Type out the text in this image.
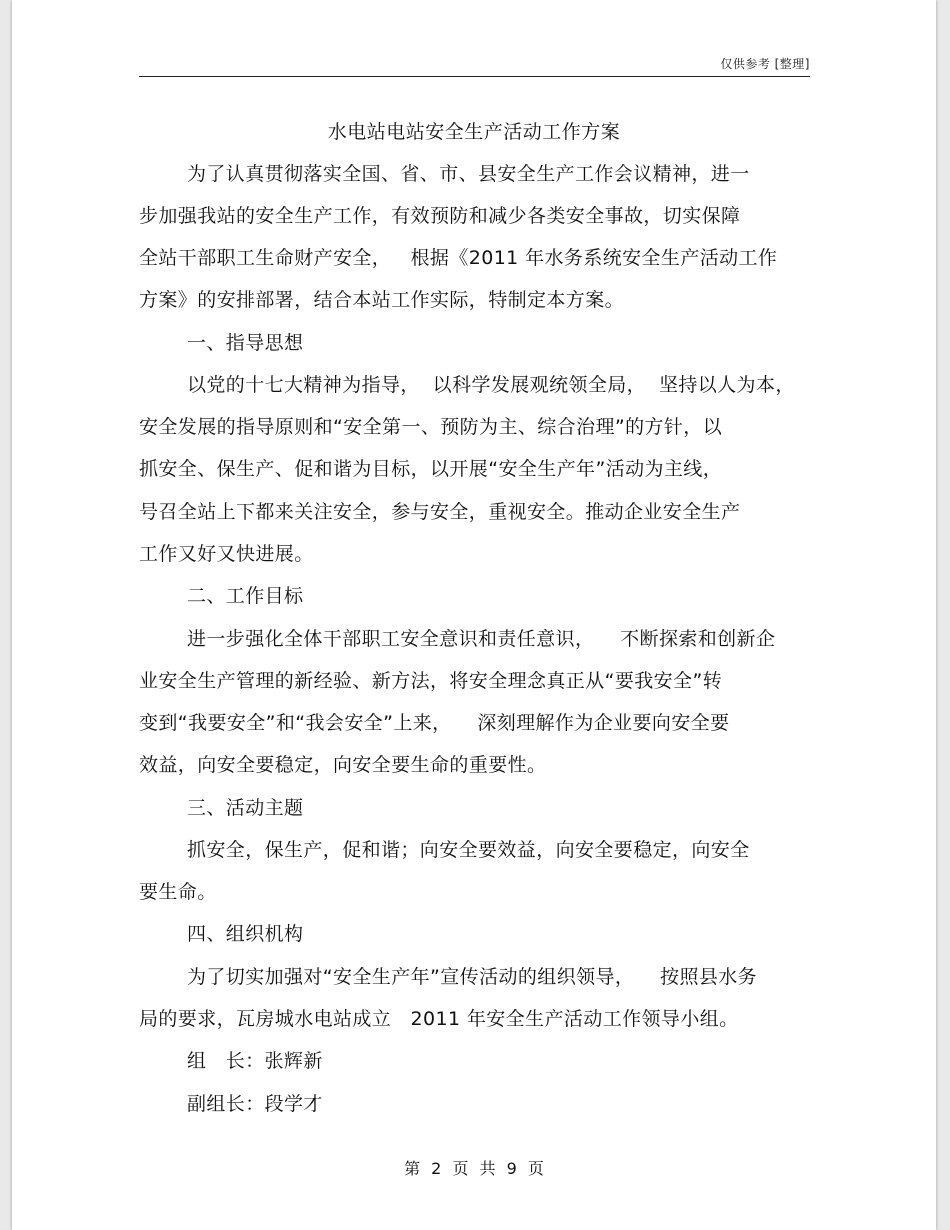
仅供参考 [整理]
水电站电站安全生产活动工作方案
为了认真贯彻落实全国、省、市、县安全生产工作会议精神，进一
步加强我站的安全生产工作，有效预防和减少各类安全事故，切实保障
全站干部职工生命财产安全，   根据《2011 年水务系统安全生产活动工作
方案》的安排部署，结合本站工作实际，特制定本方案。
一、指导思想
以党的十七大精神为指导，  以科学发展观统领全局，  坚持以人为本，
安全发展的指导原则和“安全第一、预防为主、综合治理”的方针，以
抓安全、保生产、促和谐为目标，以开展“安全生产年”活动为主线，
号召全站上下都来关注安全，参与安全，重视安全。推动企业安全生产
工作又好又快进展。
二、工作目标
进一步强化全体干部职工安全意识和责任意识，    不断探索和创新企
业安全生产管理的新经验、新方法，将安全理念真正从“要我安全”转
变到“我要安全”和“我会安全”上来，    深刻理解作为企业要向安全要
效益，向安全要稳定，向安全要生命的重要性。
三、活动主题
抓安全，保生产，促和谐；向安全要效益，向安全要稳定，向安全
要生命。
四、组织机构
为了切实加强对“安全生产年”宣传活动的组织领导，    按照县水务
局的要求，瓦房城水电站成立   2011 年安全生产活动工作领导小组。
组   长：张辉新
副组长：段学才
第 2 页 共 9 页
